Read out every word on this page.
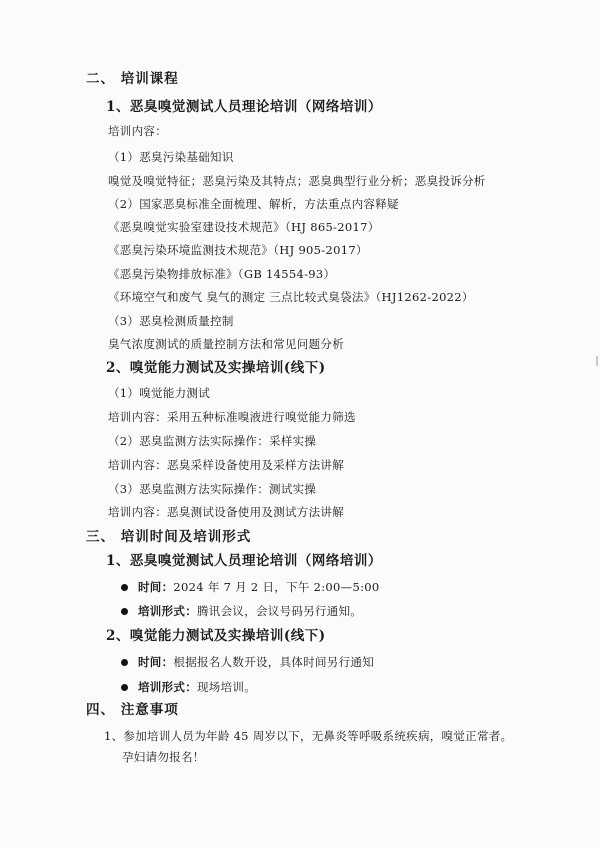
二、 培训课程
1、恶臭嗅觉测试人员理论培训（网络培训）
培训内容：
（1）恶臭污染基础知识
嗅觉及嗅觉特征；恶臭污染及其特点；恶臭典型行业分析；恶臭投诉分析
（2）国家恶臭标准全面梳理、解析，方法重点内容释疑
《恶臭嗅觉实验室建设技术规范》（HJ 865-2017）
《恶臭污染环境监测技术规范》（HJ 905-2017）
《恶臭污染物排放标准》（GB 14554-93）
《环境空气和废气 臭气的测定 三点比较式臭袋法》（HJ1262-2022）
（3）恶臭检测质量控制
臭气浓度测试的质量控制方法和常见问题分析
2、嗅觉能力测试及实操培训(线下)
（1）嗅觉能力测试
培训内容：采用五种标准嗅液进行嗅觉能力筛选
（2）恶臭监测方法实际操作：采样实操
培训内容：恶臭采样设备使用及采样方法讲解
（3）恶臭监测方法实际操作：测试实操
培训内容：恶臭测试设备使用及测试方法讲解
三、 培训时间及培训形式
1、恶臭嗅觉测试人员理论培训（网络培训）
时间：2024 年 7 月 2 日，下午 2:00—5:00
培训形式：腾讯会议，会议号码另行通知。
2、嗅觉能力测试及实操培训(线下)
时间：根据报名人数开设，具体时间另行通知
培训形式：现场培训。
四、 注意事项
1、参加培训人员为年龄 45 周岁以下，无鼻炎等呼吸系统疾病，嗅觉正常者。
孕妇请勿报名！
